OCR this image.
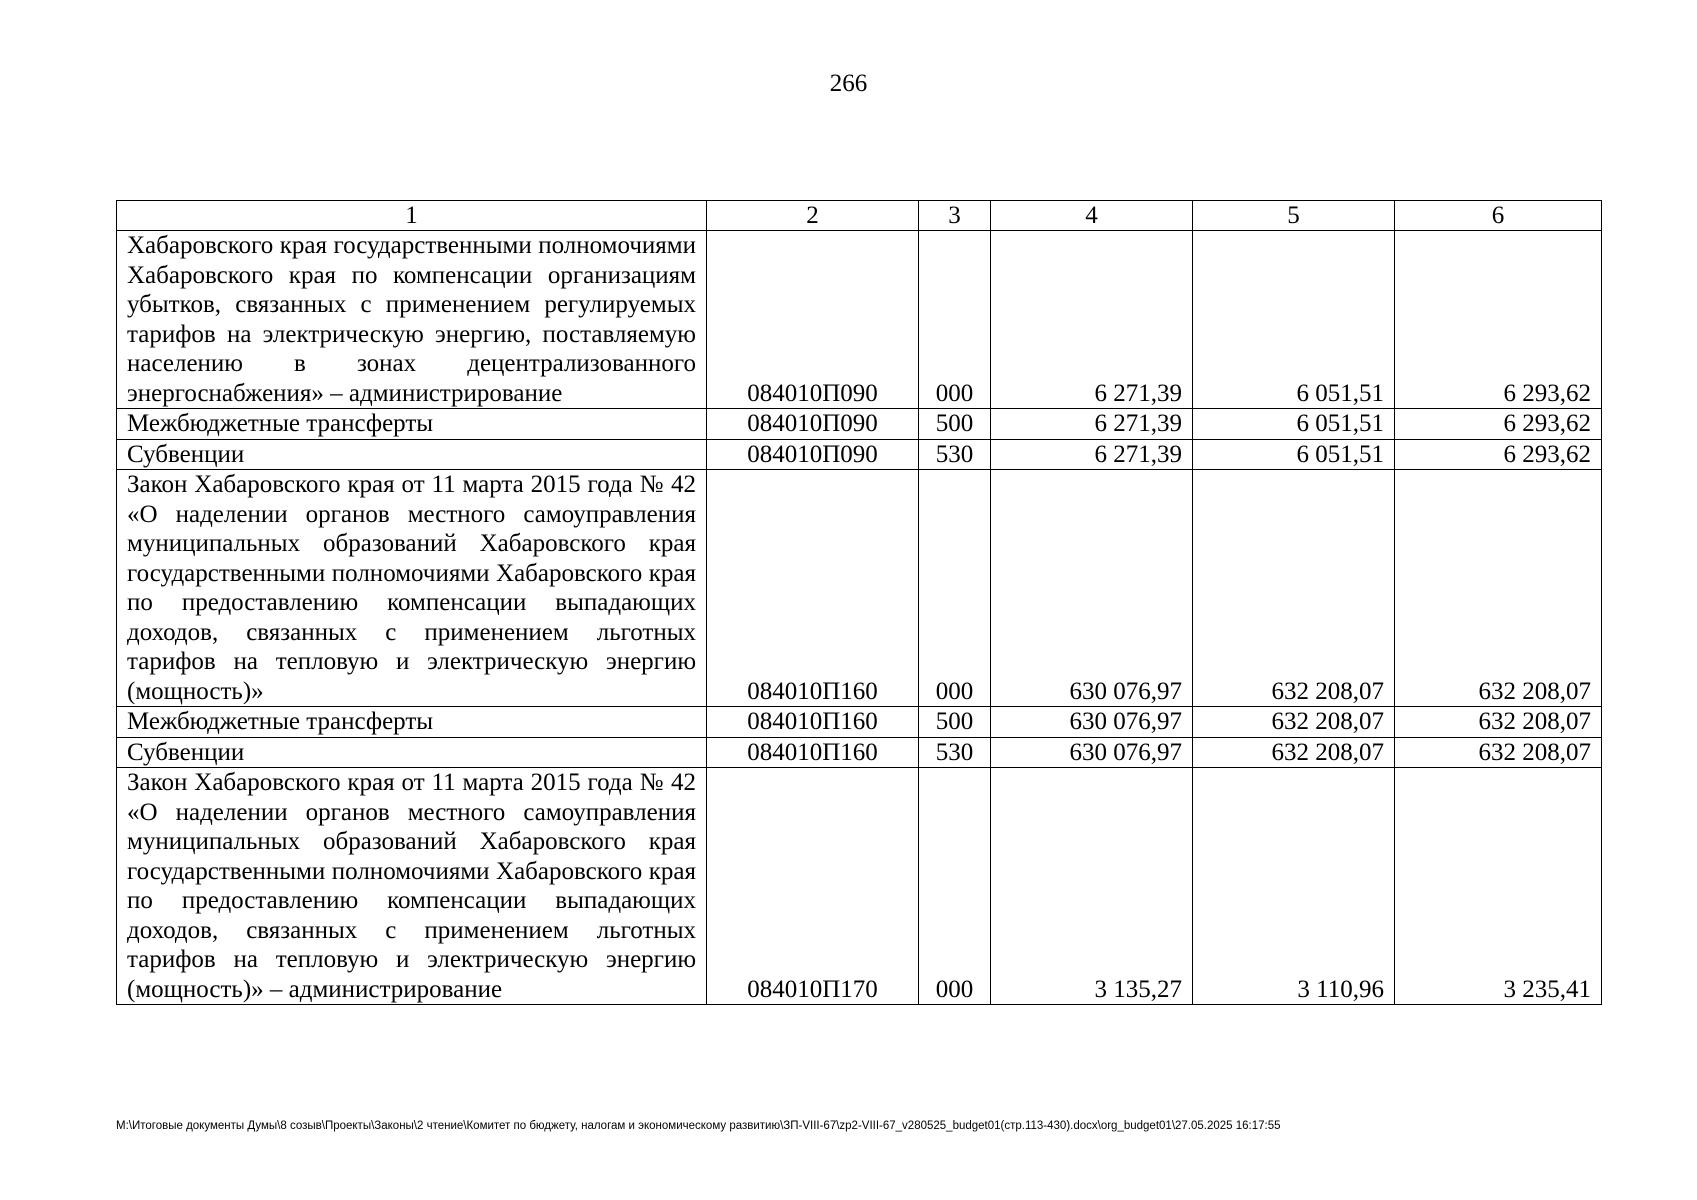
266
1	2	3	4	5	6
Хабаровского края государственными полномочиями Хабаровского края по компенсации организациям убытков, связанных с применением регулируемых тарифов на электрическую энергию, поставляемую населению в зонах децентрализованного энергоснабжения» – администрирование	084010П090	000	6 271,39	6 051,51	6 293,62
Межбюджетные трансферты	084010П090	500	6 271,39	6 051,51	6 293,62
Субвенции	084010П090	530	6 271,39	6 051,51	6 293,62
Закон Хабаровского края от 11 марта 2015 года № 42 «О наделении органов местного самоуправления муниципальных образований Хабаровского края государственными полномочиями Хабаровского края по предоставлению компенсации выпадающих доходов, связанных с применением льготных тарифов на тепловую и электрическую энергию (мощность)»	084010П160	000	630 076,97	632 208,07	632 208,07
Межбюджетные трансферты	084010П160	500	630 076,97	632 208,07	632 208,07
Субвенции	084010П160	530	630 076,97	632 208,07	632 208,07
Закон Хабаровского края от 11 марта 2015 года № 42 «О наделении органов местного самоуправления муниципальных образований Хабаровского края государственными полномочиями Хабаровского края по предоставлению компенсации выпадающих доходов, связанных с применением льготных тарифов на тепловую и электрическую энергию (мощность)» – администрирование	084010П170	000	3 135,27	3 110,96	3 235,41
M:\Итоговые документы Думы\8 созыв\Проекты\Законы\2 чтение\Комитет по бюджету, налогам и экономическому развитию\ЗП-VIII-67\zp2-VIII-67_v280525_budget01(стр.113-430).docx\org_budget01\27.05.2025 16:17:55
